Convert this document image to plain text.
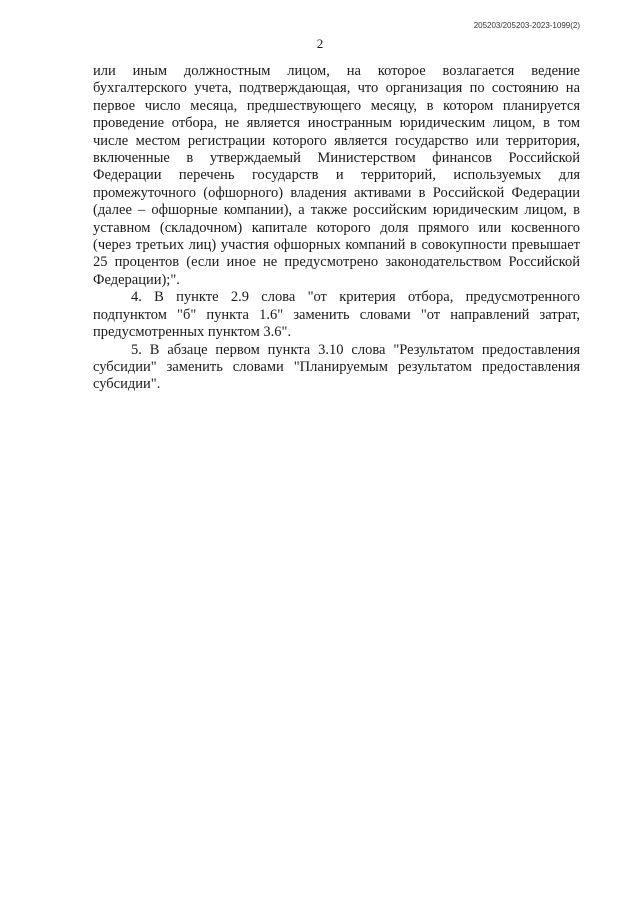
205203/205203-2023-1099(2)
2

или иным должностным лицом, на которое возлагается ведение бухгалтерского учета, подтверждающая, что организация по состоянию на первое число месяца, предшествующего месяцу, в котором планируется проведение отбора, не является иностранным юридическим лицом, в том числе местом регистрации которого является государство или территория, включенные в утверждаемый Министерством финансов Российской Федерации перечень государств и территорий, используемых для промежуточного (офшорного) владения активами в Российской Федерации (далее – офшорные компании), а также российским юридическим лицом, в уставном (складочном) капитале которого доля прямого или косвенного (через третьих лиц) участия офшорных компаний в совокупности превышает 25 процентов (если иное не предусмотрено законодательством Российской Федерации);".

4. В пункте 2.9 слова "от критерия отбора, предусмотренного подпунктом "б" пункта 1.6" заменить словами "от направлений затрат, предусмотренных пунктом 3.6".

5. В абзаце первом пункта 3.10 слова "Результатом предоставления субсидии" заменить словами "Планируемым результатом предоставления субсидии".
